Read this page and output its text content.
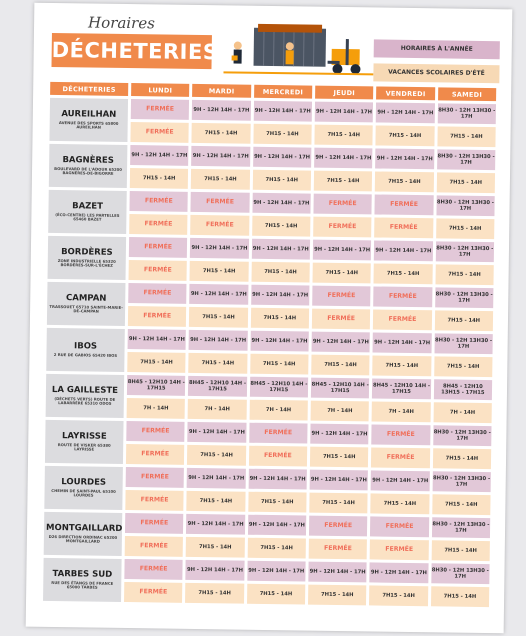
Horaires
DÉCHETERIES	HORAIRES À L'ANNÉE
VACANCES SCOLAIRES D'ÉTÉ
DÉCHETERIES	LUNDI	MARDI	MERCREDI	JEUDI	VENDREDI	SAMEDI

AUREILHAN
AVENUE DES SPORTS 65800 AUREILHAN	FERMÉE	9H - 12H 14H - 17H	9H - 12H 14H - 17H	9H - 12H 14H - 17H	9H - 12H 14H - 17H	8H30 - 12H 13H30 - 17H
	FERMÉE	7H15 - 14H	7H15 - 14H	7H15 - 14H	7H15 - 14H	7H15 - 14H

BAGNÈRES
BOULEVARD DE L'ADOUR 65200 BAGNÈRES-DE-BIGORRE	9H - 12H 14H - 17H	9H - 12H 14H - 17H	9H - 12H 14H - 17H	9H - 12H 14H - 17H	9H - 12H 14H - 17H	8H30 - 12H 13H30 - 17H
	7H15 - 14H	7H15 - 14H	7H15 - 14H	7H15 - 14H	7H15 - 14H	7H15 - 14H

BAZET
(ÉCO-CENTRE) LES PARTELLES 65460 BAZET	FERMÉE	FERMÉE	9H - 12H 14H - 17H	FERMÉE	FERMÉE	8H30 - 12H 13H30 - 17H
	FERMÉE	FERMÉE	7H15 - 14H	FERMÉE	FERMÉE	7H15 - 14H

BORDÈRES
ZONE INDUSTRIELLE 65320 BORDÈRES-SUR-L'ÉCHEZ	FERMÉE	9H - 12H 14H - 17H	9H - 12H 14H - 17H	9H - 12H 14H - 17H	9H - 12H 14H - 17H	8H30 - 12H 13H30 - 17H
	FERMÉE	7H15 - 14H	7H15 - 14H	7H15 - 14H	7H15 - 14H	7H15 - 14H

CAMPAN
TRASSOUET 65710 SAINTE-MARIE-DE-CAMPAN	FERMÉE	9H - 12H 14H - 17H	9H - 12H 14H - 17H	FERMÉE	FERMÉE	8H30 - 12H 13H30 - 17H
	FERMÉE	7H15 - 14H	7H15 - 14H	FERMÉE	FERMÉE	7H15 - 14H

IBOS
2 RUE DE GABIOS 65420 IBOS	9H - 12H 14H - 17H	9H - 12H 14H - 17H	9H - 12H 14H - 17H	9H - 12H 14H - 17H	9H - 12H 14H - 17H	8H30 - 12H 13H30 - 17H
	7H15 - 14H	7H15 - 14H	7H15 - 14H	7H15 - 14H	7H15 - 14H	7H15 - 14H

LA GAILLESTE
(DÉCHETS VERTS) ROUTE DE LABARRÈRE 65310 ODOS	8H45 - 12H10 14H - 17H15	8H45 - 12H10 14H - 17H15	8H45 - 12H10 14H - 17H15	8H45 - 12H10 14H - 17H15	8H45 - 12H10 14H - 17H15	8H45 - 12H10 13H15 - 17H15
	7H - 14H	7H - 14H	7H - 14H	7H - 14H	7H - 14H	7H - 14H

LAYRISSE
ROUTE DE VISKER 65380 LAYRISSE	FERMÉE	9H - 12H 14H - 17H	FERMÉE	9H - 12H 14H - 17H	FERMÉE	8H30 - 12H 13H30 - 17H
	FERMÉE	7H15 - 14H	FERMÉE	7H15 - 14H	FERMÉE	7H15 - 14H

LOURDES
CHEMIN DE SAINT-PAUL 65100 LOURDES	FERMÉE	9H - 12H 14H - 17H	9H - 12H 14H - 17H	9H - 12H 14H - 17H	9H - 12H 14H - 17H	8H30 - 12H 13H30 - 17H
	FERMÉE	7H15 - 14H	7H15 - 14H	7H15 - 14H	7H15 - 14H	7H15 - 14H

MONTGAILLARD
D26 DIRECTION ORDINAC 65200 MONTGAILLARD	FERMÉE	9H - 12H 14H - 17H	9H - 12H 14H - 17H	FERMÉE	FERMÉE	8H30 - 12H 13H30 - 17H
	FERMÉE	7H15 - 14H	7H15 - 14H	FERMÉE	FERMÉE	7H15 - 14H

TARBES SUD
RUE DES ÉTANGS DE FRANCE 65000 TARBES	FERMÉE	9H - 12H 14H - 17H	9H - 12H 14H - 17H	9H - 12H 14H - 17H	9H - 12H 14H - 17H	8H30 - 12H 13H30 - 17H
	FERMÉE	7H15 - 14H	7H15 - 14H	7H15 - 14H	7H15 - 14H	7H15 - 14H
